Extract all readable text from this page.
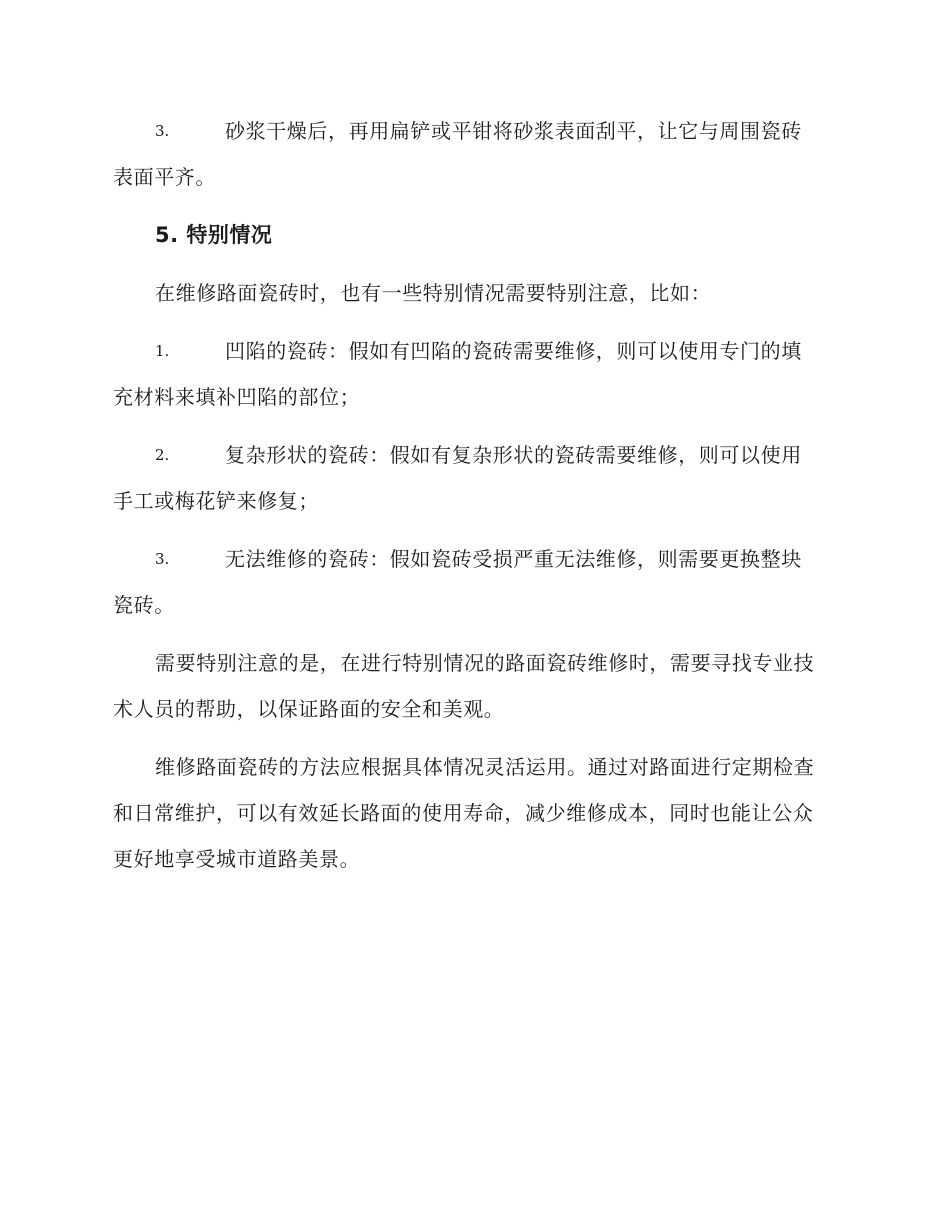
3.	砂浆干燥后，再用扁铲或平钳将砂浆表面刮平，让它与周围瓷砖
表面平齐。
5. 特别情况

在维修路面瓷砖时，也有一些特别情况需要特别注意，比如：

1.	凹陷的瓷砖：假如有凹陷的瓷砖需要维修，则可以使用专门的填
充材料来填补凹陷的部位；
2.	复杂形状的瓷砖：假如有复杂形状的瓷砖需要维修，则可以使用
手工或梅花铲来修复；
3.	无法维修的瓷砖：假如瓷砖受损严重无法维修，则需要更换整块
瓷砖。

需要特别注意的是，在进行特别情况的路面瓷砖维修时，需要寻找专业技术人员的帮助，以保证路面的安全和美观。

维修路面瓷砖的方法应根据具体情况灵活运用。通过对路面进行定期检查和日常维护，可以有效延长路面的使用寿命，减少维修成本，同时也能让公众更好地享受城市道路美景。
